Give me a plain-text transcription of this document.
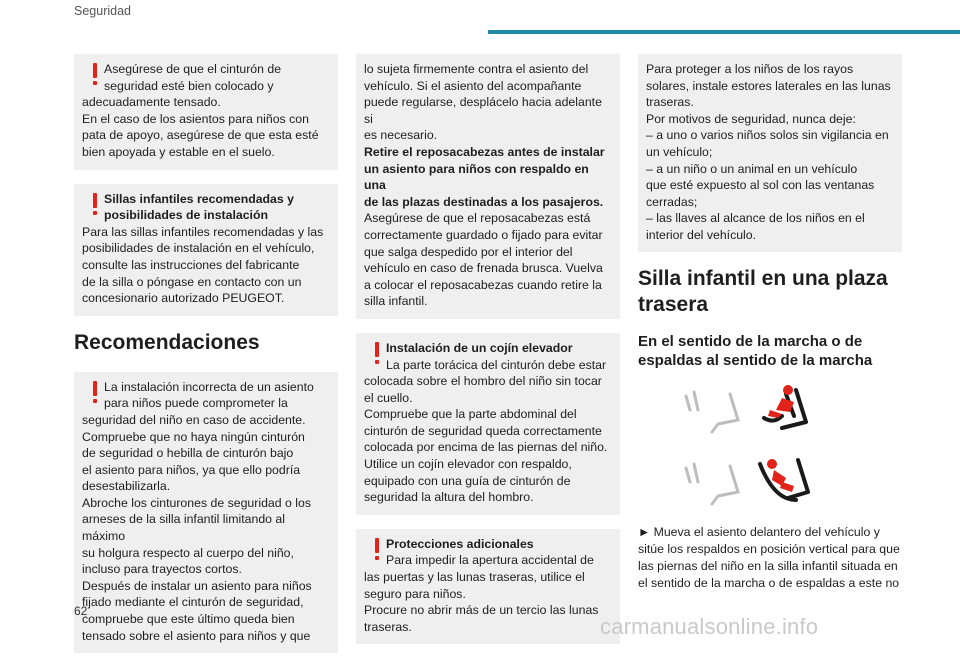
Seguridad
Asegúrese de que el cinturón de
seguridad esté bien colocado y
adecuadamente tensado.
En el caso de los asientos para niños con
pata de apoyo, asegúrese de que esta esté
bien apoyada y estable en el suelo.
Sillas infantiles recomendadas y
posibilidades de instalación
Para las sillas infantiles recomendadas y las
posibilidades de instalación en el vehículo,
consulte las instrucciones del fabricante
de la silla o póngase en contacto con un
concesionario autorizado PEUGEOT.
Recomendaciones
La instalación incorrecta de un asiento
para niños puede comprometer la
seguridad del niño en caso de accidente.
Compruebe que no haya ningún cinturón
de seguridad o hebilla de cinturón bajo
el asiento para niños, ya que ello podría
desestabilizarla.
Abroche los cinturones de seguridad o los
arneses de la silla infantil limitando al máximo
su holgura respecto al cuerpo del niño,
incluso para trayectos cortos.
Después de instalar un asiento para niños
fijado mediante el cinturón de seguridad,
compruebe que este último queda bien
tensado sobre el asiento para niños y que
lo sujeta firmemente contra el asiento del
vehículo. Si el asiento del acompañante
puede regularse, desplácelo hacia adelante si
es necesario.
Retire el reposacabezas antes de instalar
un asiento para niños con respaldo en una
de las plazas destinadas a los pasajeros.
Asegúrese de que el reposacabezas está
correctamente guardado o fijado para evitar
que salga despedido por el interior del
vehículo en caso de frenada brusca. Vuelva
a colocar el reposacabezas cuando retire la
silla infantil.
Instalación de un cojín elevador
La parte torácica del cinturón debe estar
colocada sobre el hombro del niño sin tocar
el cuello.
Compruebe que la parte abdominal del
cinturón de seguridad queda correctamente
colocada por encima de las piernas del niño.
Utilice un cojín elevador con respaldo,
equipado con una guía de cinturón de
seguridad la altura del hombro.
Protecciones adicionales
Para impedir la apertura accidental de
las puertas y las lunas traseras, utilice el
seguro para niños.
Procure no abrir más de un tercio las lunas
traseras.
Para proteger a los niños de los rayos
solares, instale estores laterales en las lunas
traseras.
Por motivos de seguridad, nunca deje:
– a uno o varios niños solos sin vigilancia en
un vehículo;
– a un niño o un animal en un vehículo
que esté expuesto al sol con las ventanas
cerradas;
– las llaves al alcance de los niños en el
interior del vehículo.
Silla infantil en una plaza
trasera
En el sentido de la marcha o de
espaldas al sentido de la marcha
► Mueva el asiento delantero del vehículo y
sitúe los respaldos en posición vertical para que
las piernas del niño en la silla infantil situada en
el sentido de la marcha o de espaldas a este no
62
carmanualsonline.info
